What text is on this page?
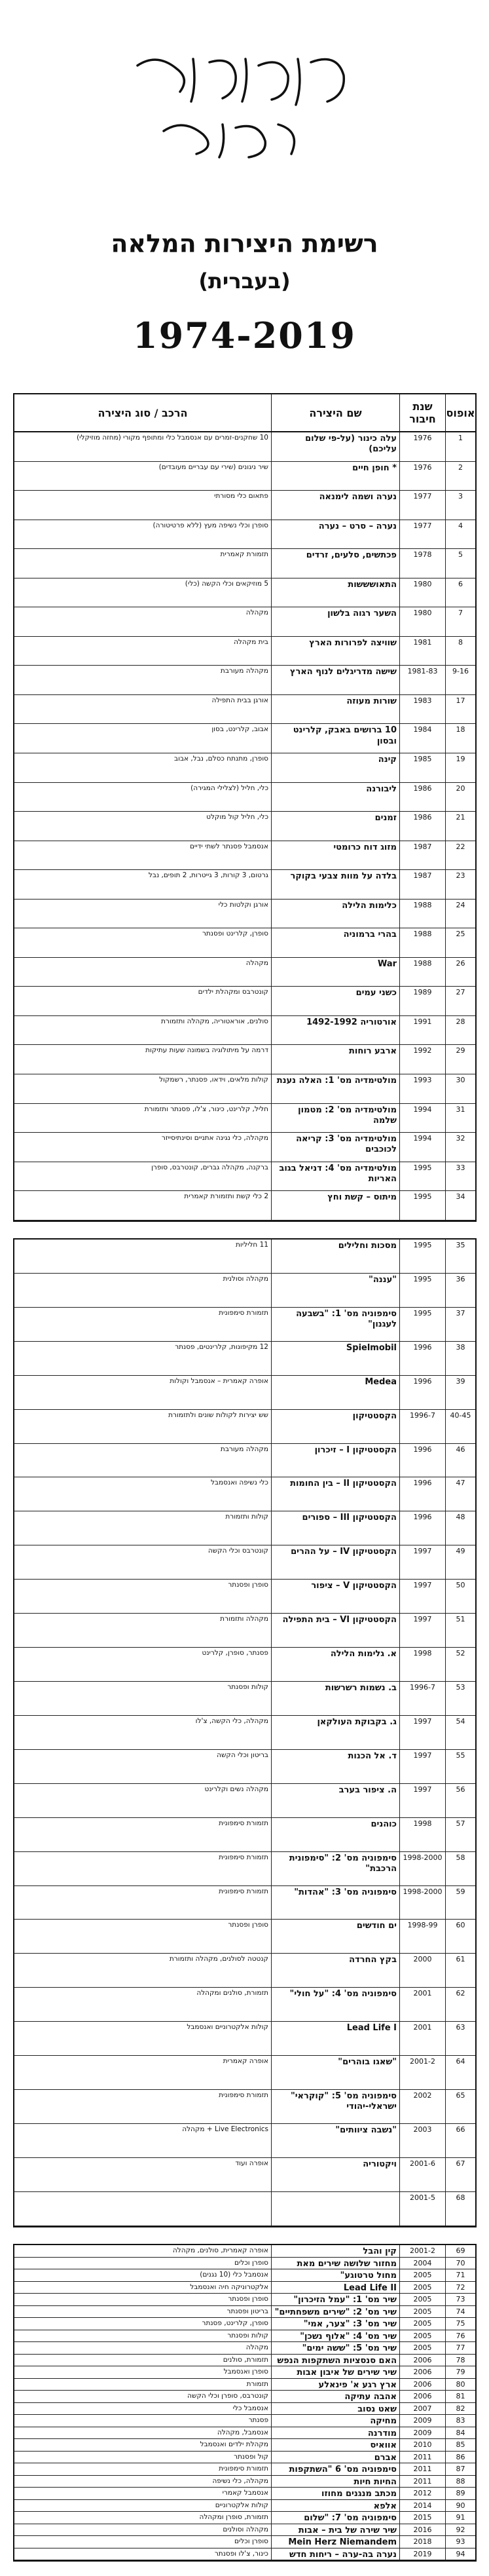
ציפי פליישר
רשימת היצירות המלאה
(בעברית)
1974-2019
אופוס
שנת חיבור
שם היצירה
הרכב / סוג היצירה
1
1976
עלה כינור (על-פי שלום עליכם)
10 שחקנים-זמרים עם אנסמבל כלי ומתופף מקורי (מחזה מוזיקלי)
2
1976
* חופן חיים
שיר ניגונים (שירי עם עבריים מעובדים)
3
1977
נערה ושמה לימנאה
פתאום כלי מסורתי
4
1977
נערה – סרט – נערה
סופרן וכלי נשיפה מעץ (ללא פרטיטורה)
5
1978
פכתשים, סלעים, זרדים
תזמורת קאמרית
6
1980
התאושששות
5 מוזיקאים וכלי הקשה (כלי)
7
1980
השער רגוה בלשון
מקהלה
8
1981
שוויצה לפרורות הארץ
בית מקהלה
9-16
1981-83
שישה מדריגלים לנוף הארץ
מקהלה מעורבת
17
1983
שורות מעוזה
אורגן בבית התפילה
18
1984
10 ברושים באבק, קלרינט ובסון
אבוב, קלרינט, בסון
19
1985
קינה
סופרן, מתנתח כסלם, נבל, אבוב
20
1986
ליבורנה
כלי, חליל (לצלילי המגירה)
21
1986
זמנים
כלי, חליל קול מוקלט
22
1987
מזוג דוח כרומטי
אנסמבל פסנתר לשתי ידיים
23
1987
בלדה על מוות צבעי בקוקר
גרטום, 3 קורות, 3 גייטרות, 2 תופים, נבל
24
1988
כלימות הלילה
אורגן וקלטות כלי
25
1988
בהרי ברמוניה
סופרן, קלרינט ופסנתר
26
1988
War
מקהלה
27
1989
כשני עמים
קונטרבס ומקהלת ילדים
28
1991
אורטוריה 1492-1992
סולנים, אוראטוריה, מקהלה ותזמורת
29
1992
ארבע רוחות
דרמה על מיתולוגיה בשמונה שעות עתיקות
30
1993
מולטימדיה מס' 1: האלה נענת
קולות מלאים, וידאו, פסנתר, רשמקול
31
1994
מולטימדיה מס' 2: מטמון שלמה
חליל, קלרינט, כינור, צ'לו, פסנתר ותזמורת
32
1994
מולטימדיה מס' 3: קריאה לכוכבים
מקהלה, כלי נגינה אתניים וסינתיסייזר
33
1995
מולטימדיה מס' 4: דניאל בגוב האריות
ברקנה, מקהלה גברים, קונטרבס, סופרן
34
1995
מיתוס – קשת וחץ
2 כלי קשת ותזמורת קאמרית
35
1995
מסכות וחלילים
11 חליליות
36
1995
"עננה"
מקהלה וסולנית
37
1995
סימפוניה מס' 1: "בשבעה לעגנון"
תזמורת סימפונית
38
1996
Spielmobil
12 מקיפונות, קלרינטים, פסנתר
39
1996
Medea
אופרה קאמרית – אנסמבל וקולות
40-45
1996-7
הקסטטיקון
שש יצירות לקולות שונים ולתזמורת
46
1996
הקסטטיקון I – זיכרון
מקהלה מעורבת
47
1996
הקסטטיקון II – בין החומות
כלי נשיפה ואנסמבל
48
1996
הקסטטיקון III – ספורים
קולות ותזמורת
49
1997
הקסטטיקון IV – על ההרים
קונטרבס וכלי הקשה
50
1997
הקסטטיקון V – ציפור
סופרן ופסנתר
51
1997
הקסטטיקון VI – בית התפילה
מקהלה ותזמורת
52
1998
א. גלימות הלילה
פסנתר, סופרן, קלרינט
53
1996-7
ב. נשמות רשרשות
קולות ופסנתר
54
1997
ג. בקבוקת העולקאן
מקהלה, כלי הקשה, צ'לו
55
1997
ד. אל הכנות
בריטון וכלי הקשה
56
1997
ה. ציפור בערב
מקהלה נשים וקלרינט
57
1998
כוהנים
תזמורת סימפונית
58
1998-2000
סימפוניה מס' 2: "סימפונית הרכבת"
תזמורת סימפונית
59
1998-2000
סימפוניה מס' 3: "אהדות"
תזמורת סימפונית
60
1998-99
ים חודשים
סופרן ופסנתר
61
2000
בקץ החרדה
קנטטה לסולנים, מקהלה ותזמורת
62
2001
סימפוניה מס' 4: "על חולי"
תזמורת, סולנים ומקהלה
63
2001
Lead Life I
קולות אלקטרוניים ואנסמבל
64
2001-2
"שאגו בוהרים"
אופרה קאמרית
65
2002
סימפוניה מס' 5: "קוקראי" ישראלי-יהודי
תזמורת סימפונית
66
2003
"נשבה ציוותים"
Live Electronics + מקהלה
67
2001-6
ויקטוריה
אופרה ועוד
68
2001-5
69
2001-2
קין והבל
אופרה קאמרית, סולנים, מקהלה
70
2004
מחזור שלושה שירים מאת
סופרן וכלים
71
2005
מחול טרטוגע"
אנסמבל כלי (10 נגנים)
72
2005
Lead Life II
אלקטרוניקה חיה ואנסמבל
73
2005
שיר מס' 1: "עמל הזיכרון"
סופרן ופסנתר
74
2005
שיר מס' 2: "שירים משפחתיים"
בריטון ופסנתר
75
2005
שיר מס' 3: "צער, אמי"
סופרן, קלרינט, פסנתר
76
2005
שיר מס' 4: "אלוף נשכן"
קולות ופסנתר
77
2005
שיר מס' 5: "ששה ימים"
מקהלה
78
2006
האם סנסציות השתקפות הנפש
תזמורת, סולנים
79
2006
שיר שירים של איבון אבות
סופרן ואנסמבל
80
2006
ארץ רגע א' פינאלע
תזמורת
81
2006
אהבה עתיקה
קונטרבס, סופרן וכלי הקשה
82
2007
שאט נסוב
אנסמבל כלי
83
2009
מחיקה
פסנתר
84
2009
מודרנה
אנסמבל, מקהלה
85
2010
אוואיס
מקהלת ילדים ואנסמבל
86
2011
אברם
קול ופסנתר
87
2011
סימפוניה מס' 6 "השתקפות
תזמורת סימפונית
88
2011
החיות חיות
מקהלה, כלי נשיפה
89
2012
מכתב מנגנים מחוזו
אנסמבל קאמרי
90
2014
אלפא
קולות אלקטרוניים
91
2015
סימפוניה מס' 7: "שלום
תזמורת, סופרן ומקהלה
92
2016
שיר שירה של בית – אבות
מקהלה וסולנים
93
2018
Mein Herz Niemandem
סופרן וכלים
94
2019
נערה בה-ערה – ריחות חדש
כינור, צ'לו ופסנתר
